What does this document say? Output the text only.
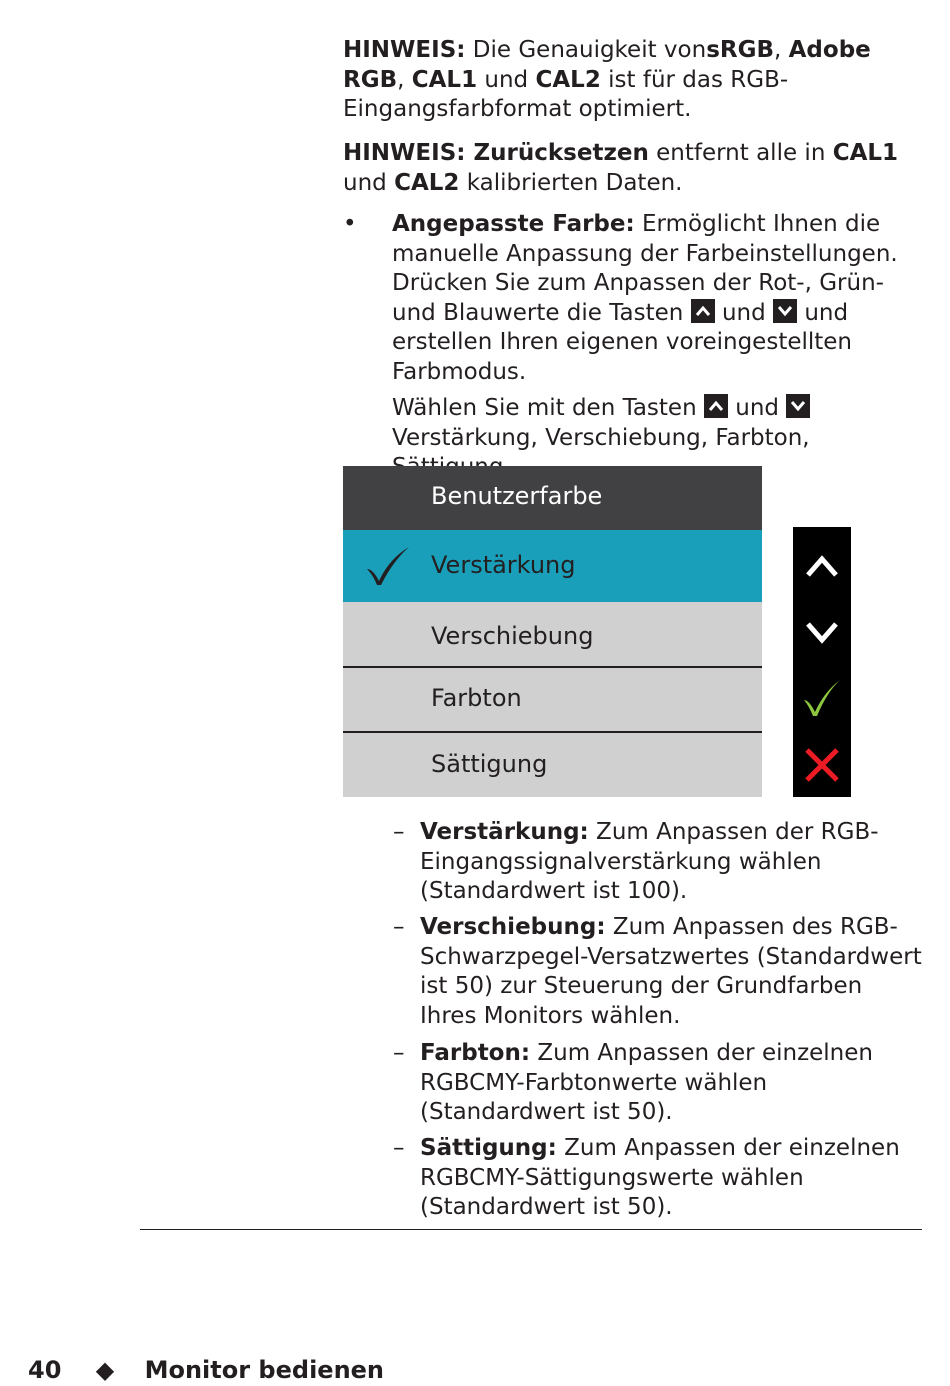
HINWEIS: Die Genauigkeit vonsRGB, Adobe RGB, CAL1 und CAL2 ist für das RGB-Eingangsfarbformat optimiert.

HINWEIS: Zurücksetzen entfernt alle in CAL1 und CAL2 kalibrierten Daten.

• Angepasste Farbe: Ermöglicht Ihnen die manuelle Anpassung der Farbeinstellungen. Drücken Sie zum Anpassen der Rot-, Grün- und Blauwerte die Tasten
und
und erstellen Ihren eigenen voreingestellten Farbmodus.

Wählen Sie mit den Tasten
und
Verstärkung, Verschiebung, Farbton,

Benutzerfarbe
Verstärkung
Verschiebung
Farbton
Sättigung
– Verstärkung: Zum Anpassen der RGB-Eingangssignalverstärkung wählen (Standardwert ist 100).
– Verschiebung: Zum Anpassen des RGB-Schwarzpegel-Versatzwertes (Standardwert ist 50) zur Steuerung der Grundfarben Ihres Monitors wählen.
– Farbton: Zum Anpassen der einzelnen RGBCMY-Farbtonwerte wählen (Standardwert ist 50).
– Sättigung: Zum Anpassen der einzelnen RGBCMY-Sättigungswerte wählen (Standardwert ist 50).
40 ◆ Monitor bedienen
